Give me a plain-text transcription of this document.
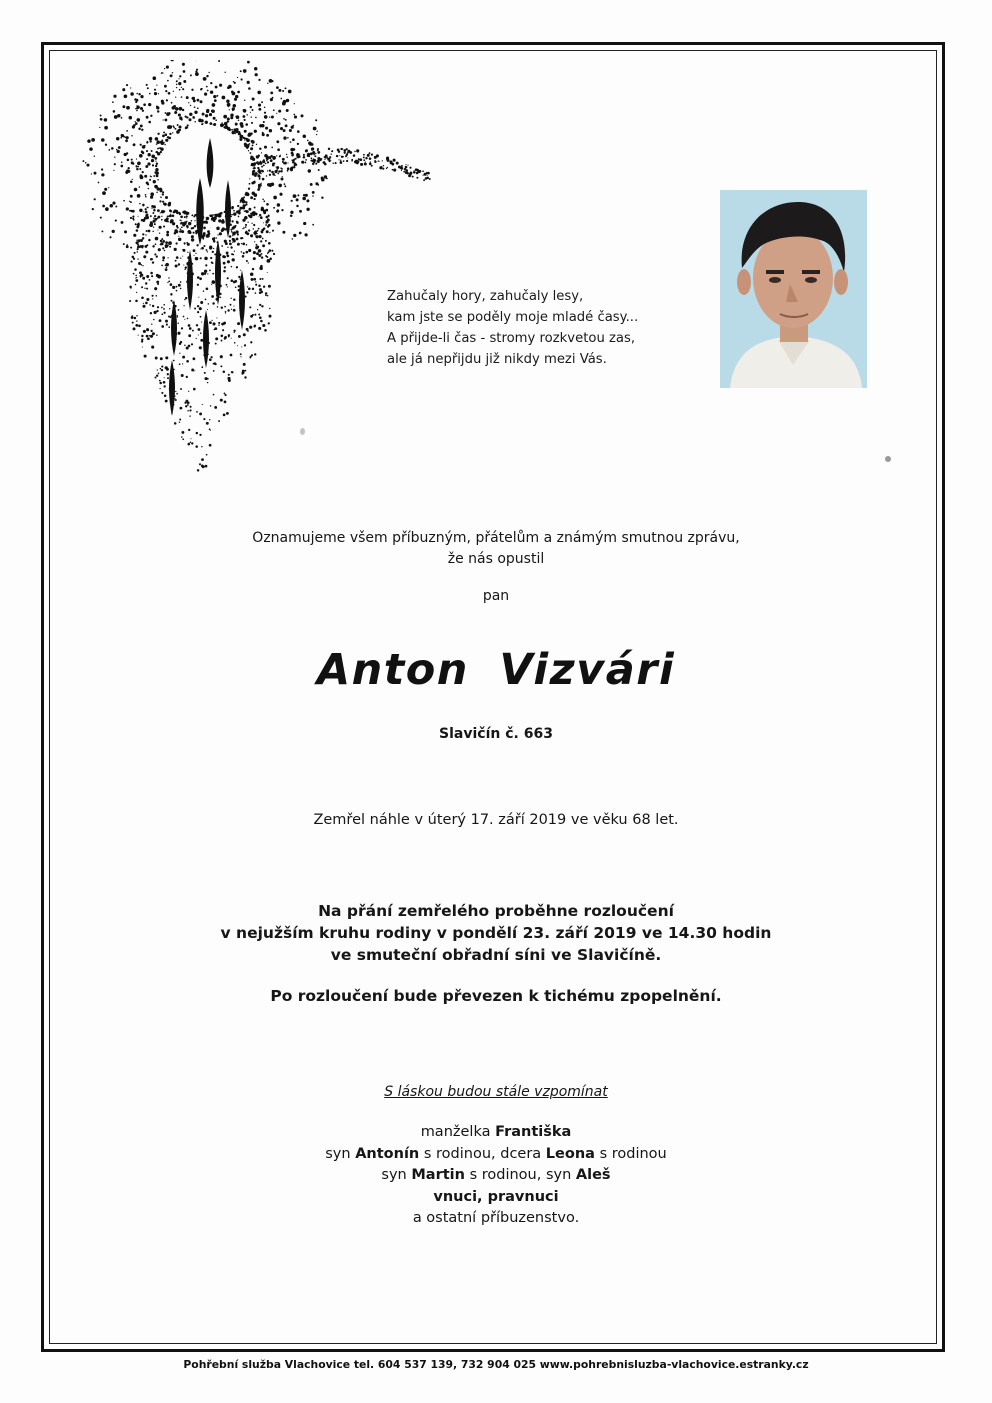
Zahučaly hory, zahučaly lesy,
kam jste se poděly moje mladé časy...
A přijde-li čas - stromy rozkvetou zas,
ale já nepřijdu již nikdy mezi Vás.
Oznamujeme všem příbuzným, přátelům a známým smutnou zprávu,
že nás opustil
pan
Anton Vizvári
Slavičín č. 663
Zemřel náhle v úterý 17. září 2019 ve věku 68 let.
Na přání zemřelého proběhne rozloučení
v nejužším kruhu rodiny v pondělí 23. září 2019 ve 14.30 hodin
ve smuteční obřadní síni ve Slavičíně.
Po rozloučení bude převezen k tichému zpopelnění.
S láskou budou stále vzpomínat
manželka Františka
syn Antonín s rodinou, dcera Leona s rodinou
syn Martin s rodinou, syn Aleš
vnuci, pravnuci
a ostatní příbuzenstvo.
Pohřební služba Vlachovice tel. 604 537 139, 732 904 025 www.pohrebnisluzba-vlachovice.estranky.cz
